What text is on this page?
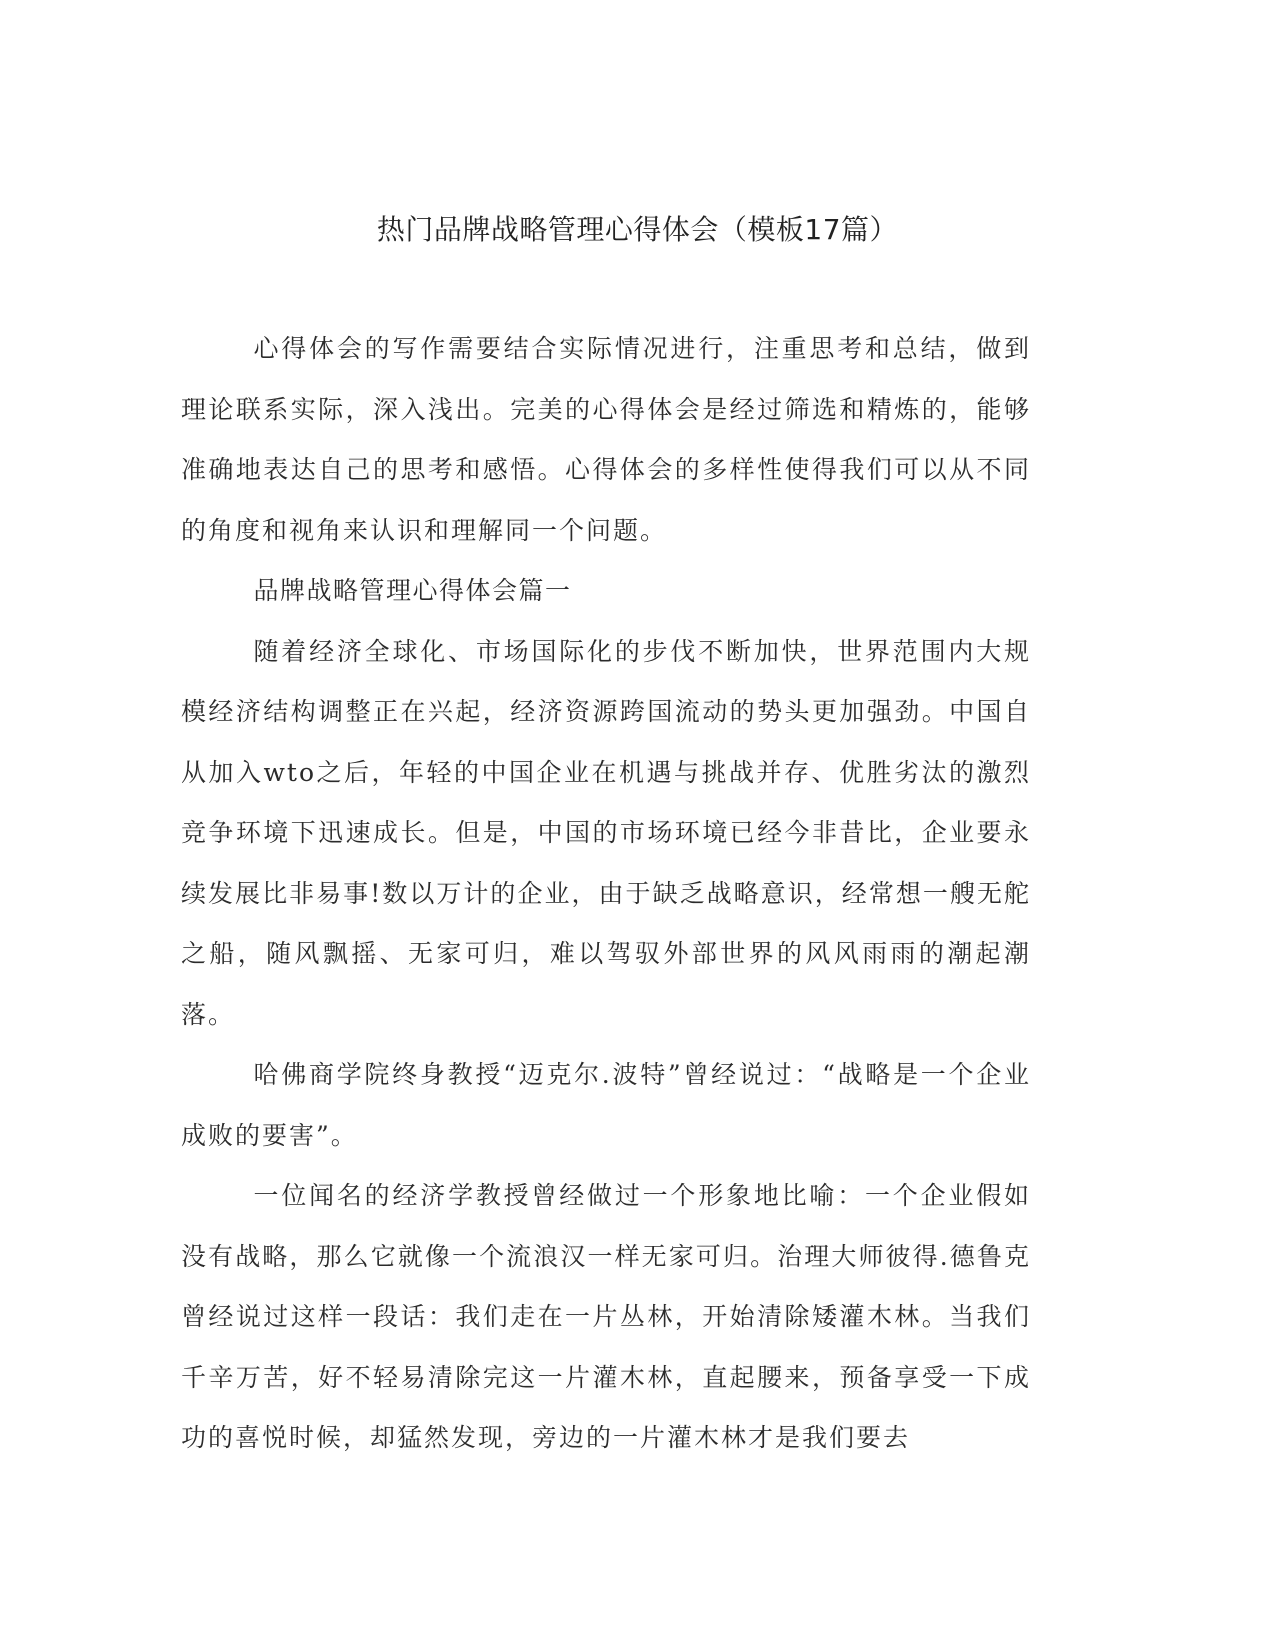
热门品牌战略管理心得体会（模板17篇）

心得体会的写作需要结合实际情况进行，注重思考和总结，做到理论联系实际，深入浅出。完美的心得体会是经过筛选和精炼的，能够准确地表达自己的思考和感悟。心得体会的多样性使得我们可以从不同的角度和视角来认识和理解同一个问题。

品牌战略管理心得体会篇一

随着经济全球化、市场国际化的步伐不断加快，世界范围内大规模经济结构调整正在兴起，经济资源跨国流动的势头更加强劲。中国自从加入wto之后，年轻的中国企业在机遇与挑战并存、优胜劣汰的激烈竞争环境下迅速成长。但是，中国的市场环境已经今非昔比，企业要永续发展比非易事!数以万计的企业，由于缺乏战略意识，经常想一艘无舵之船，随风飘摇、无家可归，难以驾驭外部世界的风风雨雨的潮起潮落。

哈佛商学院终身教授“迈克尔.波特”曾经说过：“战略是一个企业成败的要害”。

一位闻名的经济学教授曾经做过一个形象地比喻：一个企业假如没有战略，那么它就像一个流浪汉一样无家可归。治理大师彼得.德鲁克曾经说过这样一段话：我们走在一片丛林，开始清除矮灌木林。当我们千辛万苦，好不轻易清除完这一片灌木林，直起腰来，预备享受一下成功的喜悦时候，却猛然发现，旁边的一片灌木林才是我们要去
